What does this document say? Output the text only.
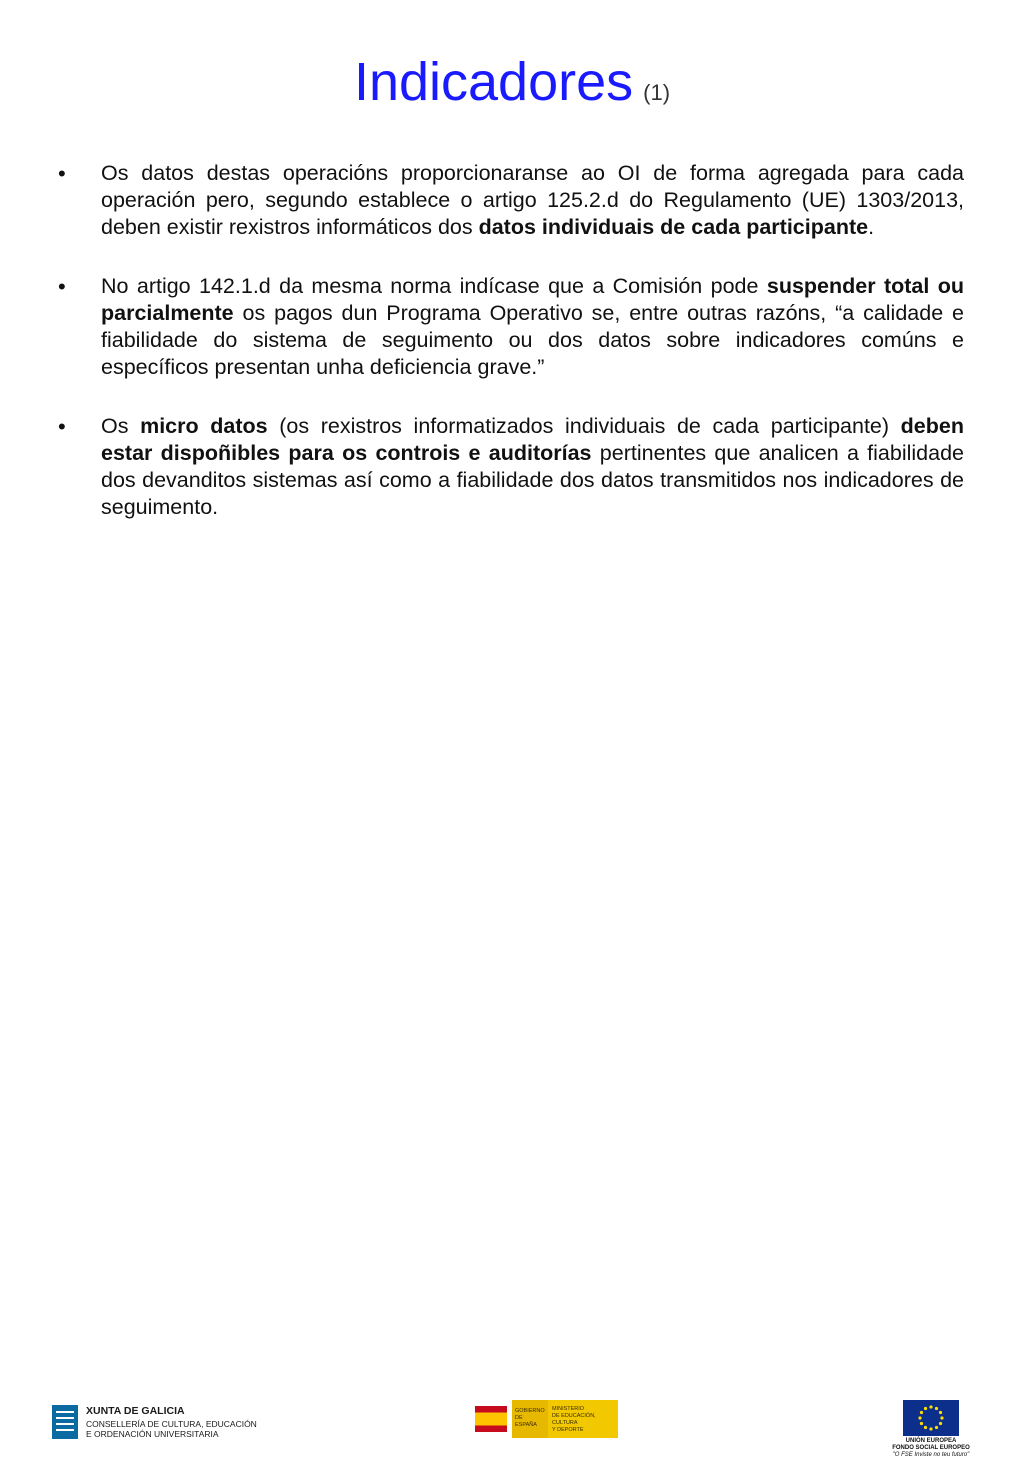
Indicadores (1)
• Os datos destas operacións proporcionaranse ao OI de forma agregada para cada operación pero, segundo establece o artigo 125.2.d do Regulamento (UE) 1303/2013, deben existir rexistros informáticos dos datos individuais de cada participante.
• No artigo 142.1.d da mesma norma indícase que a Comisión pode suspender total ou parcialmente os pagos dun Programa Operativo se, entre outras razóns, “a calidade e fiabilidade do sistema de seguimento ou dos datos sobre indicadores comúns e específicos presentan unha deficiencia grave.”
• Os micro datos (os rexistros informatizados individuais de cada participante) deben estar dispoñibles para os controis e auditorías pertinentes que analicen a fiabilidade dos devanditos sistemas así como a fiabilidade dos datos transmitidos nos indicadores de seguimento.
XUNTA DE GALICIA
CONSELLERÍA DE CULTURA, EDUCACIÓN
E ORDENACIÓN UNIVERSITARIA
GOBIERNO
DE ESPAÑA
MINISTERIO
DE EDUCACIÓN, CULTURA
Y DEPORTE
UNIÓN EUROPEA
FONDO SOCIAL EUROPEO
"O FSE Inviste no teu futuro"
